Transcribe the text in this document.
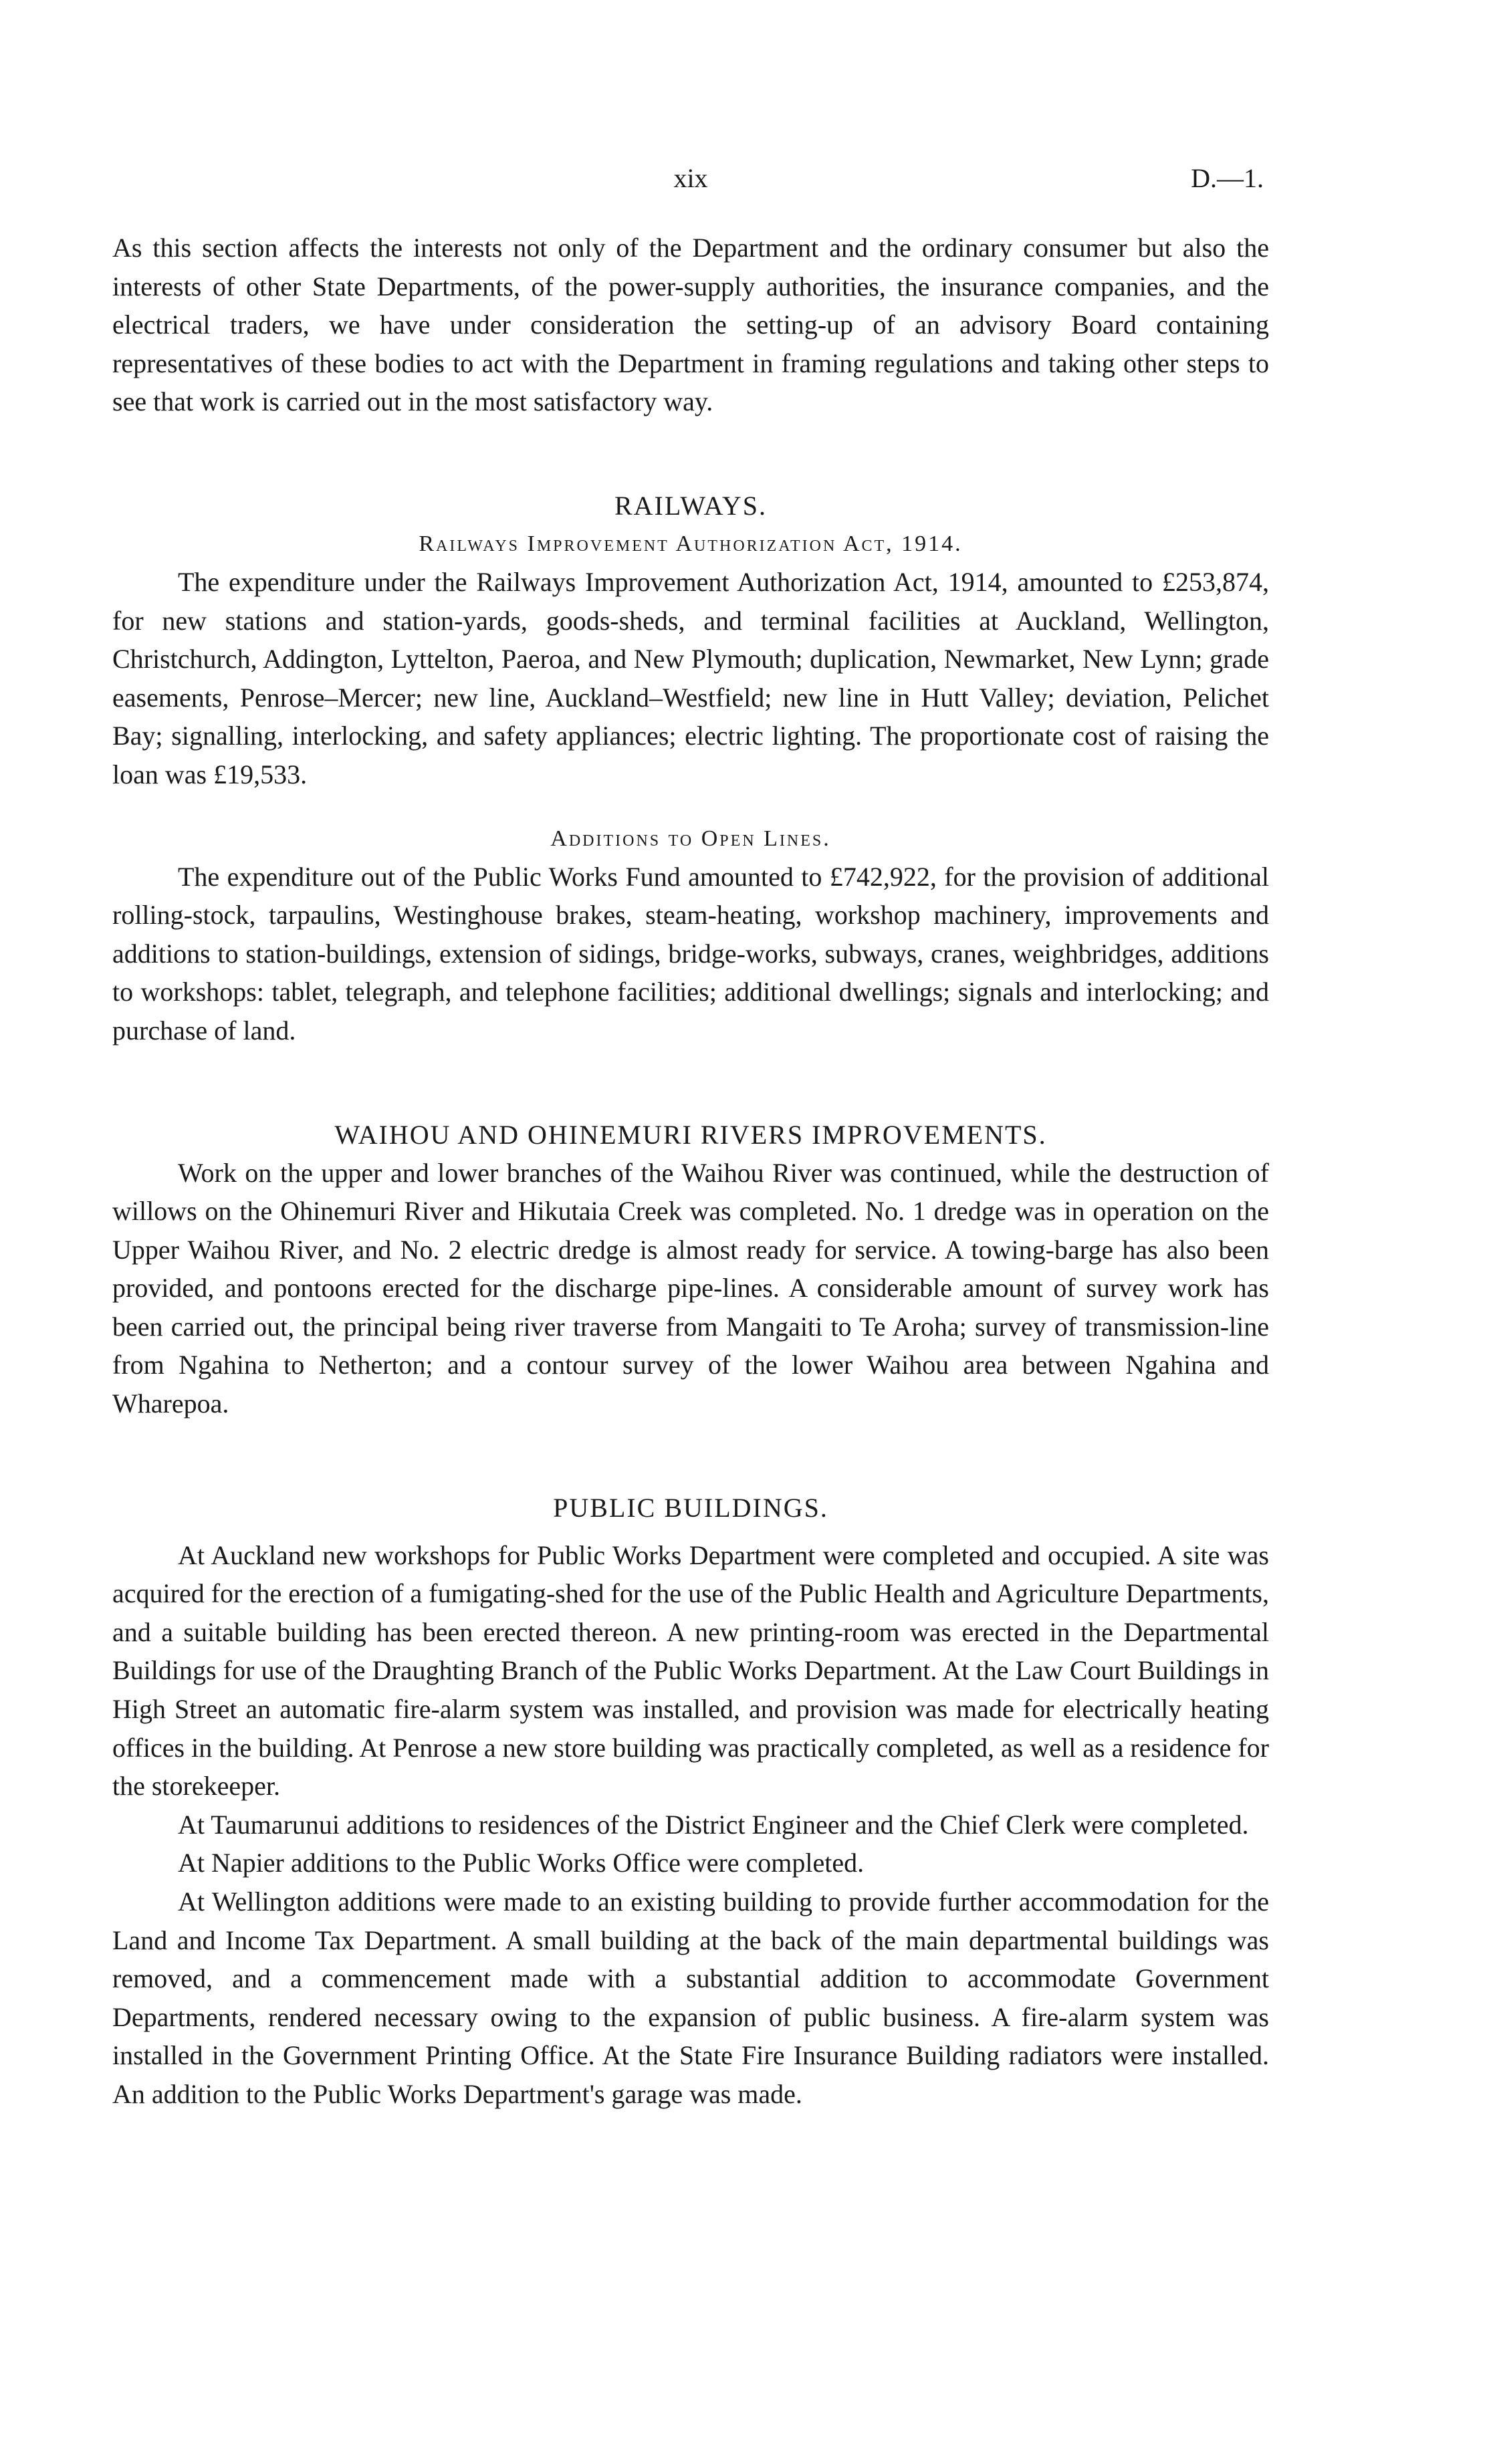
xix	D.—1.

As this section affects the interests not only of the Department and the ordinary consumer but also the interests of other State Departments, of the power-supply authorities, the insurance companies, and the electrical traders, we have under consideration the setting-up of an advisory Board containing representatives of these bodies to act with the Department in framing regulations and taking other steps to see that work is carried out in the most satisfactory way.

RAILWAYS.
Railways Improvement Authorization Act, 1914.

The expenditure under the Railways Improvement Authorization Act, 1914, amounted to £253,874, for new stations and station-yards, goods-sheds, and terminal facilities at Auckland, Wellington, Christchurch, Addington, Lyttelton, Paeroa, and New Plymouth; duplication, Newmarket, New Lynn; grade easements, Penrose–Mercer; new line, Auckland–Westfield; new line in Hutt Valley; deviation, Pelichet Bay; signalling, interlocking, and safety appliances; electric lighting. The proportionate cost of raising the loan was £19,533.

Additions to Open Lines.

The expenditure out of the Public Works Fund amounted to £742,922, for the provision of additional rolling-stock, tarpaulins, Westinghouse brakes, steam-heating, workshop machinery, improvements and additions to station-buildings, extension of sidings, bridge-works, subways, cranes, weighbridges, additions to workshops: tablet, telegraph, and telephone facilities; additional dwellings; signals and interlocking; and purchase of land.

WAIHOU AND OHINEMURI RIVERS IMPROVEMENTS.

Work on the upper and lower branches of the Waihou River was continued, while the destruction of willows on the Ohinemuri River and Hikutaia Creek was completed. No. 1 dredge was in operation on the Upper Waihou River, and No. 2 electric dredge is almost ready for service. A towing-barge has also been provided, and pontoons erected for the discharge pipe-lines. A considerable amount of survey work has been carried out, the principal being river traverse from Mangaiti to Te Aroha; survey of transmission-line from Ngahina to Netherton; and a contour survey of the lower Waihou area between Ngahina and Wharepoa.

PUBLIC BUILDINGS.

At Auckland new workshops for Public Works Department were completed and occupied. A site was acquired for the erection of a fumigating-shed for the use of the Public Health and Agriculture Departments, and a suitable building has been erected thereon. A new printing-room was erected in the Departmental Buildings for use of the Draughting Branch of the Public Works Department. At the Law Court Buildings in High Street an automatic fire-alarm system was installed, and provision was made for electrically heating offices in the building. At Penrose a new store building was practically completed, as well as a residence for the storekeeper.

At Taumarunui additions to residences of the District Engineer and the Chief Clerk were completed.

At Napier additions to the Public Works Office were completed.

At Wellington additions were made to an existing building to provide further accommodation for the Land and Income Tax Department. A small building at the back of the main departmental buildings was removed, and a commencement made with a substantial addition to accommodate Government Departments, rendered necessary owing to the expansion of public business. A fire-alarm system was installed in the Government Printing Office. At the State Fire Insurance Building radiators were installed. An addition to the Public Works Department's garage was made.
